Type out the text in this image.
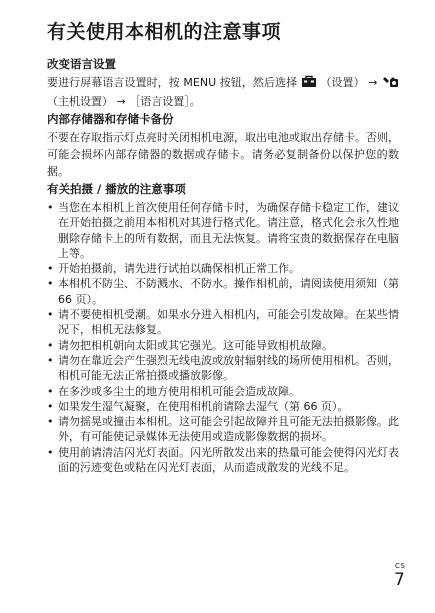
有关使用本相机的注意事项

改变语言设置

要进行屏幕语言设置时，按 MENU 按钮，然后选择 （设置） →  （主机设置） → ［语言设置］。

内部存储器和存储卡备份

不要在存取指示灯点亮时关闭相机电源，取出电池或取出存储卡。否则，可能会损坏内部存储器的数据或存储卡。请务必复制备份以保护您的数据。

有关拍摄 / 播放的注意事项

• 当您在本相机上首次使用任何存储卡时，为确保存储卡稳定工作，建议在开始拍摄之前用本相机对其进行格式化。请注意，格式化会永久性地删除存储卡上的所有数据，而且无法恢复。请将宝贵的数据保存在电脑上等。
• 开始拍摄前，请先进行试拍以确保相机正常工作。
• 本相机不防尘、不防溅水、不防水。操作相机前，请阅读使用须知（第 66 页）。
• 请不要使相机受潮。如果水分进入相机内，可能会引发故障。在某些情况下，相机无法修复。
• 请勿把相机朝向太阳或其它强光。这可能导致相机故障。
• 请勿在靠近会产生强烈无线电波或放射辐射线的场所使用相机。否则，相机可能无法正常拍摄或播放影像。
• 在多沙或多尘土的地方使用相机可能会造成故障。
• 如果发生湿气凝聚，在使用相机前请除去湿气（第 66 页）。
• 请勿摇晃或撞击本相机。这可能会引起故障并且可能无法拍摄影像。此外，有可能使记录媒体无法使用或造成影像数据的损坏。
• 使用前请清洁闪光灯表面。闪光所散发出来的热量可能会使得闪光灯表面的污迹变色或粘在闪光灯表面，从而造成散发的光线不足。
CS
7
